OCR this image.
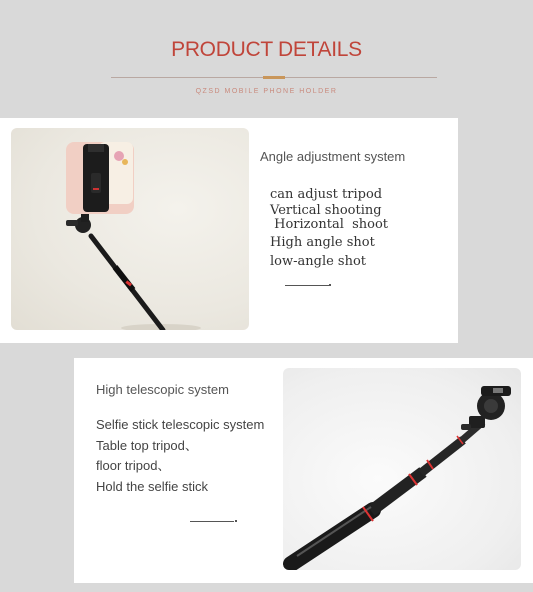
PRODUCT DETAILS
QZSD MOBILE PHONE HOLDER
Angle adjustment system
can adjust tripod
Vertical shooting
Horizontal  shoot
High angle shot
low-angle shot
High telescopic system
Selfie stick telescopic system
Table top tripod、
floor tripod、
Hold the selfie stick
